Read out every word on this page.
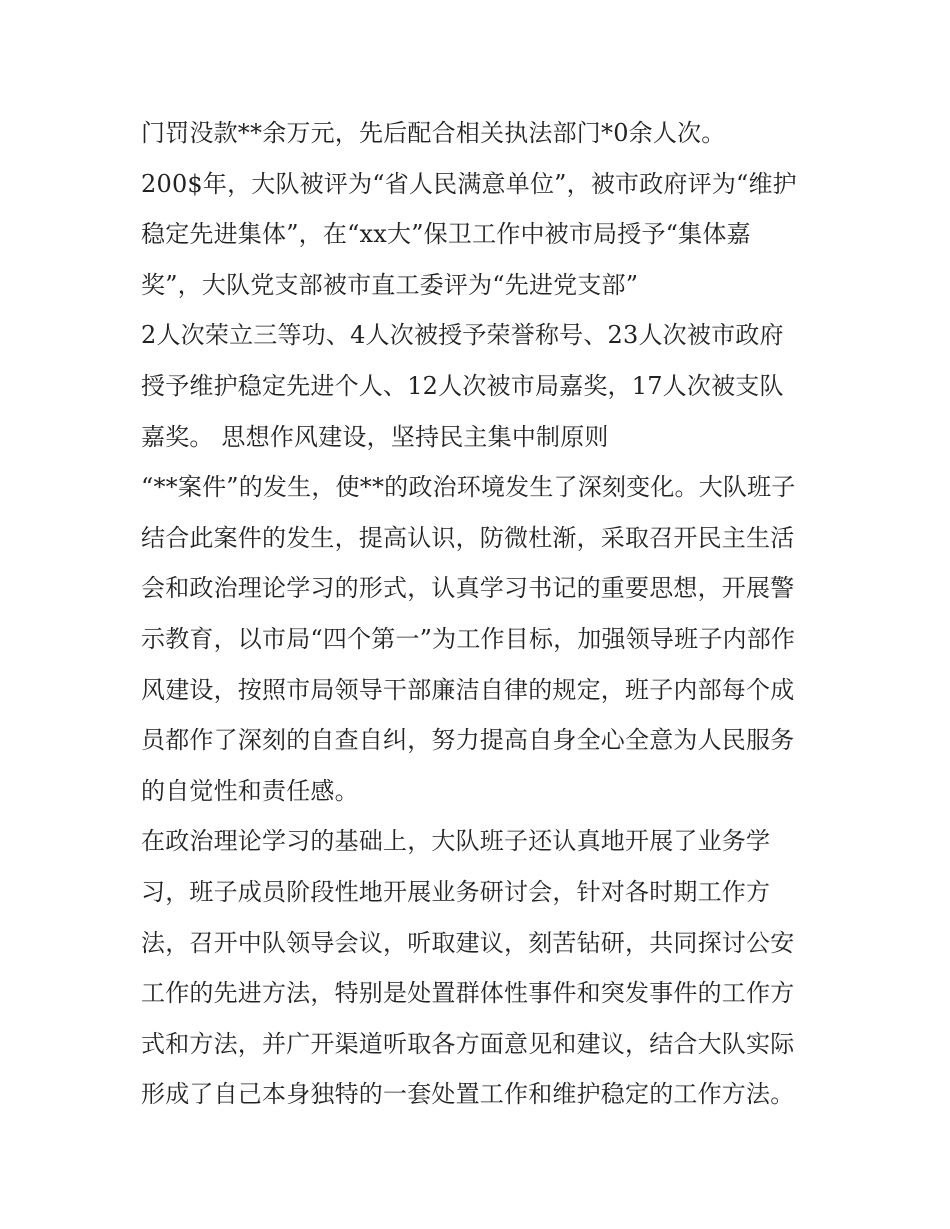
门罚没款**余万元，先后配合相关执法部门*0余人次。
200$年，大队被评为“省人民满意单位”，被市政府评为“维护
稳定先进集体”，在“xx大”保卫工作中被市局授予“集体嘉
奖”，大队党支部被市直工委评为“先进党支部”
2人次荣立三等功、4人次被授予荣誉称号、23人次被市政府
授予维护稳定先进个人、12人次被市局嘉奖，17人次被支队
嘉奖。 思想作风建设，坚持民主集中制原则
“**案件”的发生，使**的政治环境发生了深刻变化。大队班子
结合此案件的发生，提高认识，防微杜渐，采取召开民主生活
会和政治理论学习的形式，认真学习书记的重要思想，开展警
示教育，以市局“四个第一”为工作目标，加强领导班子内部作
风建设，按照市局领导干部廉洁自律的规定，班子内部每个成
员都作了深刻的自查自纠，努力提高自身全心全意为人民服务
的自觉性和责任感。
在政治理论学习的基础上，大队班子还认真地开展了业务学
习，班子成员阶段性地开展业务研讨会，针对各时期工作方
法，召开中队领导会议，听取建议，刻苦钻研，共同探讨公安
工作的先进方法，特别是处置群体性事件和突发事件的工作方
式和方法，并广开渠道听取各方面意见和建议，结合大队实际
形成了自己本身独特的一套处置工作和维护稳定的工作方法。
